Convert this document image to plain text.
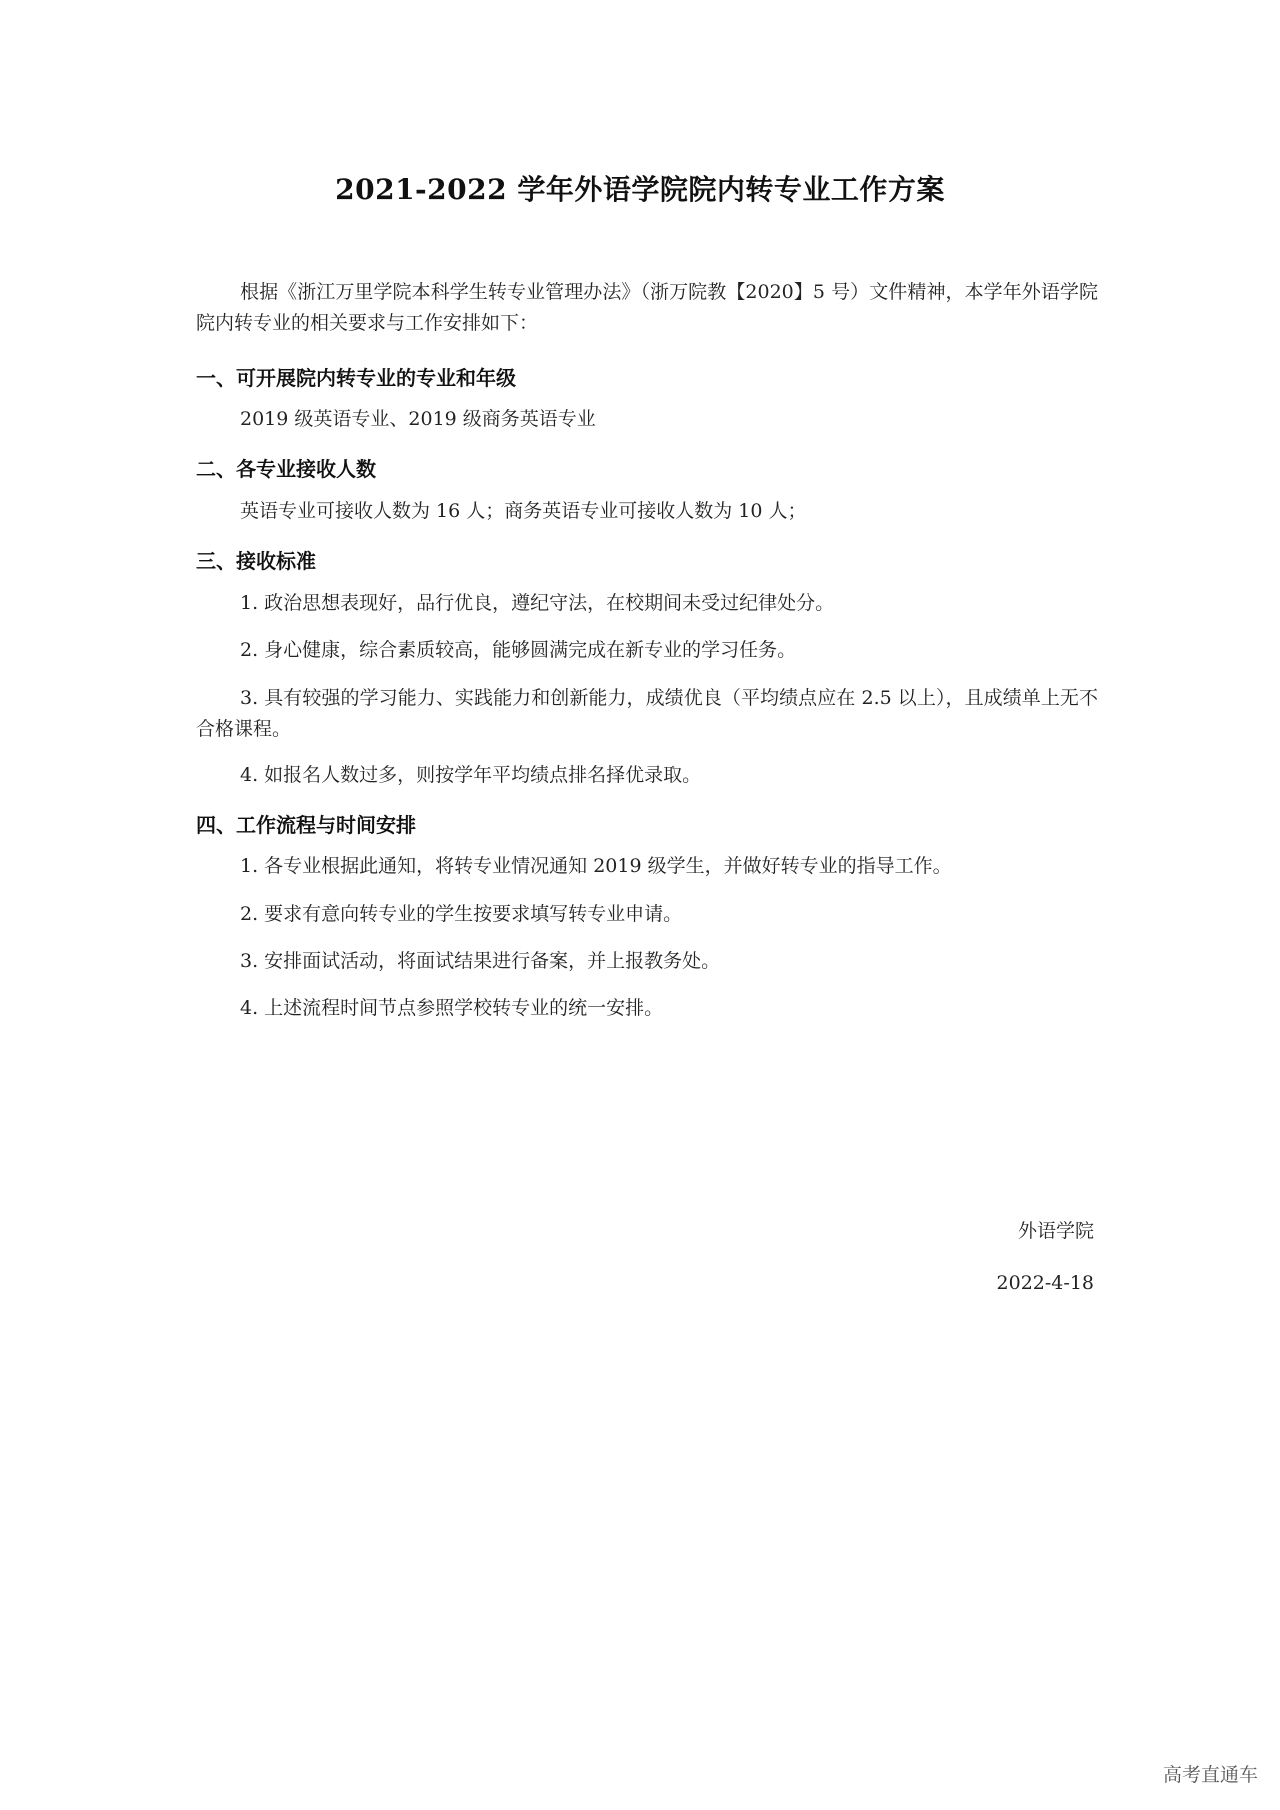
2021-2022 学年外语学院院内转专业工作方案
根据《浙江万里学院本科学生转专业管理办法》（浙万院教【2020】5 号）文件精神，本学年外语学院院内转专业的相关要求与工作安排如下：
一、可开展院内转专业的专业和年级
2019 级英语专业、2019 级商务英语专业
二、各专业接收人数
英语专业可接收人数为 16 人；商务英语专业可接收人数为 10 人；
三、接收标准
1. 政治思想表现好，品行优良，遵纪守法，在校期间未受过纪律处分。
2. 身心健康，综合素质较高，能够圆满完成在新专业的学习任务。
3. 具有较强的学习能力、实践能力和创新能力，成绩优良（平均绩点应在 2.5 以上），且成绩单上无不合格课程。
4. 如报名人数过多，则按学年平均绩点排名择优录取。
四、工作流程与时间安排
1. 各专业根据此通知，将转专业情况通知 2019 级学生，并做好转专业的指导工作。
2. 要求有意向转专业的学生按要求填写转专业申请。
3. 安排面试活动，将面试结果进行备案，并上报教务处。
4. 上述流程时间节点参照学校转专业的统一安排。
外语学院
2022-4-18
高考直通车
